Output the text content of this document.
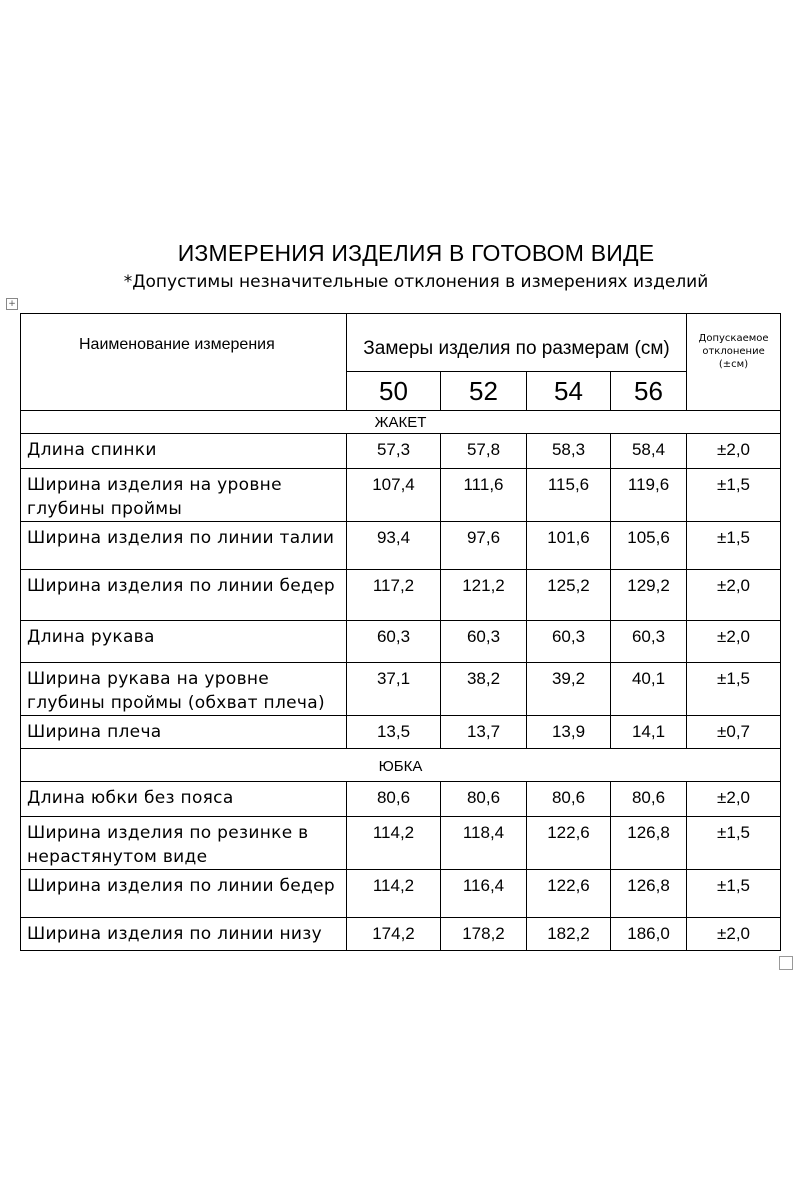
ИЗМЕРЕНИЯ ИЗДЕЛИЯ В ГОТОВОМ ВИДЕ
*Допустимы незначительные отклонения в измерениях изделий
+
Наименование измерения	Замеры изделия по размерам (см)				Допускаемое
отклонение
(±см)

	50	52	54	56	
ЖАКЕТ					
Длина спинки	57,3	57,8	58,3	58,4	±2,0
Ширина изделия на уровне глубины проймы	107,4	111,6	115,6	119,6	±1,5
Ширина изделия по линии талии	93,4	97,6	101,6	105,6	±1,5
Ширина изделия по линии бедер	117,2	121,2	125,2	129,2	±2,0
Длина рукава	60,3	60,3	60,3	60,3	±2,0
Ширина рукава на уровне глубины проймы (обхват плеча)	37,1	38,2	39,2	40,1	±1,5
Ширина плеча	13,5	13,7	13,9	14,1	±0,7
ЮБКА					
Длина юбки без пояса	80,6	80,6	80,6	80,6	±2,0
Ширина изделия по резинке в нерастянутом виде	114,2	118,4	122,6	126,8	±1,5
Ширина изделия по линии бедер	114,2	116,4	122,6	126,8	±1,5
Ширина изделия по линии низу	174,2	178,2	182,2	186,0	±2,0
